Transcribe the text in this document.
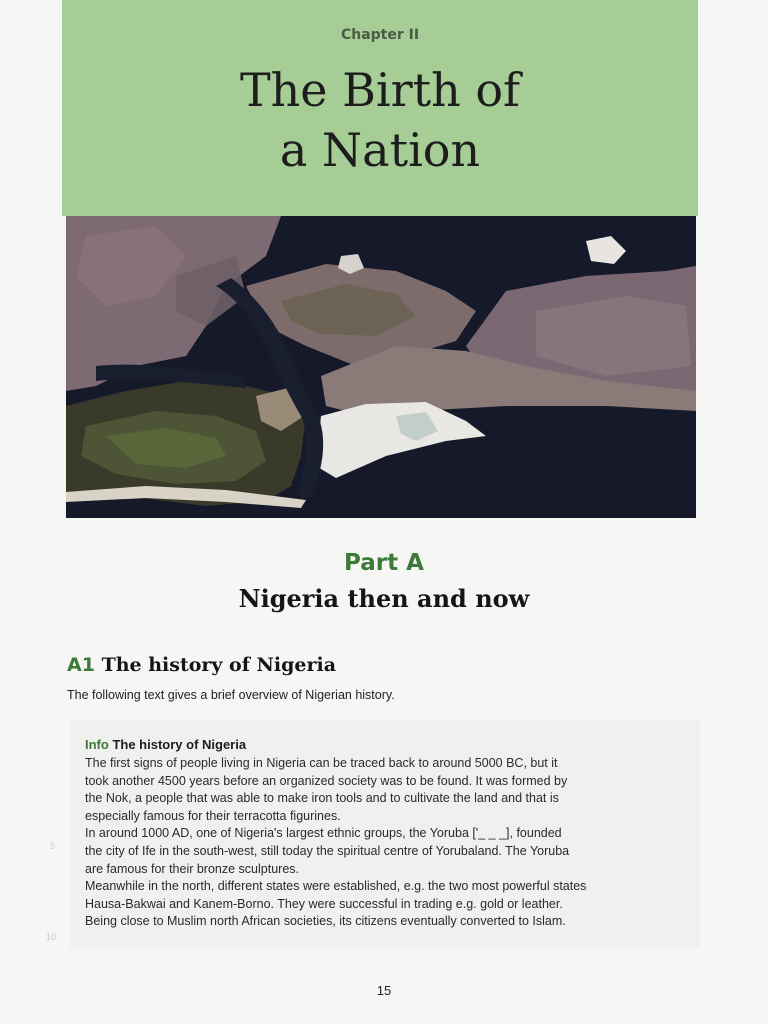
Chapter II
The Birth of
a Nation
Part A
Nigeria then and now
A1 The history of Nigeria
The following text gives a brief overview of Nigerian history.
Info The history of Nigeria
The first signs of people living in Nigeria can be traced back to around 5000 BC, but it
took another 4500 years before an organized society was to be found. It was formed by
the Nok, a people that was able to make iron tools and to cultivate the land and that is
especially famous for their terracotta figurines.
In around 1000 AD, one of Nigeria's largest ethnic groups, the Yoruba ['_ _ _], founded
the city of Ife in the south-west, still today the spiritual centre of Yorubaland. The Yoruba
are famous for their bronze sculptures.
Meanwhile in the north, different states were established, e.g. the two most powerful states
Hausa-Bakwai and Kanem-Borno. They were successful in trading e.g. gold or leather.
Being close to Muslim north African societies, its citizens eventually converted to Islam.
5
10
15
